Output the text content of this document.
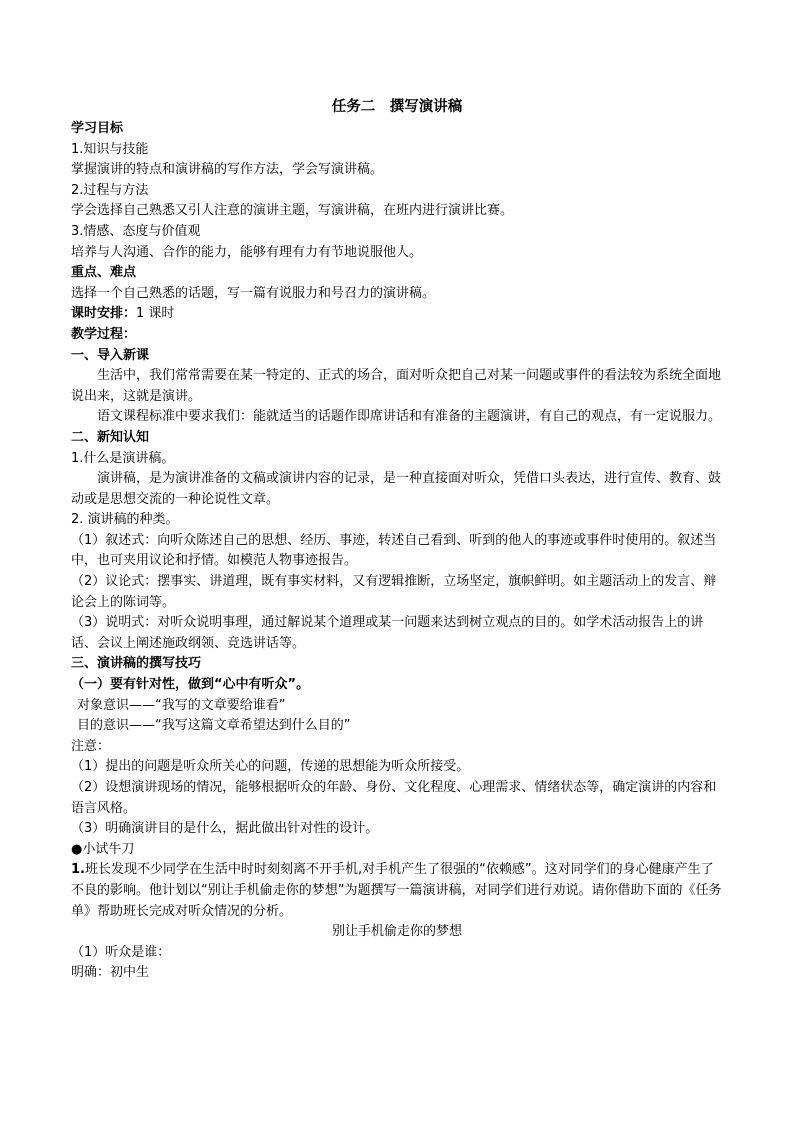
任务二　撰写演讲稿
学习目标
1.知识与技能
掌握演讲的特点和演讲稿的写作方法，学会写演讲稿。
2.过程与方法
学会选择自己熟悉又引人注意的演讲主题，写演讲稿，在班内进行演讲比赛。
3.情感、态度与价值观
培养与人沟通、合作的能力，能够有理有力有节地说服他人。
重点、难点
选择一个自己熟悉的话题，写一篇有说服力和号召力的演讲稿。
课时安排：1 课时
教学过程：
一、导入新课
生活中，我们常常需要在某一特定的、正式的场合，面对听众把自己对某一问题或事件的看法较为系统全面地说出来，这就是演讲。
语文课程标准中要求我们：能就适当的话题作即席讲话和有准备的主题演讲，有自己的观点，有一定说服力。
二、新知认知
1.什么是演讲稿。
演讲稿，是为演讲准备的文稿或演讲内容的记录，是一种直接面对听众，凭借口头表达，进行宣传、教育、鼓动或是思想交流的一种论说性文章。
2. 演讲稿的种类。
（1）叙述式：向听众陈述自己的思想、经历、事迹，转述自己看到、听到的他人的事迹或事件时使用的。叙述当中，也可夹用议论和抒情。如模范人物事迹报告。
（2）议论式：摆事实、讲道理，既有事实材料，又有逻辑推断，立场坚定，旗帜鲜明。如主题活动上的发言、辩论会上的陈词等。
（3）说明式：对听众说明事理，通过解说某个道理或某一问题来达到树立观点的目的。如学术活动报告上的讲话、会议上阐述施政纲领、竞选讲话等。
三、演讲稿的撰写技巧
（一）要有针对性，做到“心中有听众”。
对象意识——“我写的文章要给谁看”
目的意识——“我写这篇文章希望达到什么目的”
注意：
（1）提出的问题是听众所关心的问题，传递的思想能为听众所接受。
（2）设想演讲现场的情况，能够根据听众的年龄、身份、文化程度、心理需求、情绪状态等，确定演讲的内容和语言风格。
（3）明确演讲目的是什么，据此做出针对性的设计。
●小试牛刀
1.班长发现不少同学在生活中时时刻刻离不开手机,对手机产生了很强的“依赖感”。这对同学们的身心健康产生了不良的影响。他计划以“别让手机偷走你的梦想”为题撰写一篇演讲稿，对同学们进行劝说。请你借助下面的《任务单》帮助班长完成对听众情况的分析。
别让手机偷走你的梦想
（1）听众是谁：
明确：初中生
